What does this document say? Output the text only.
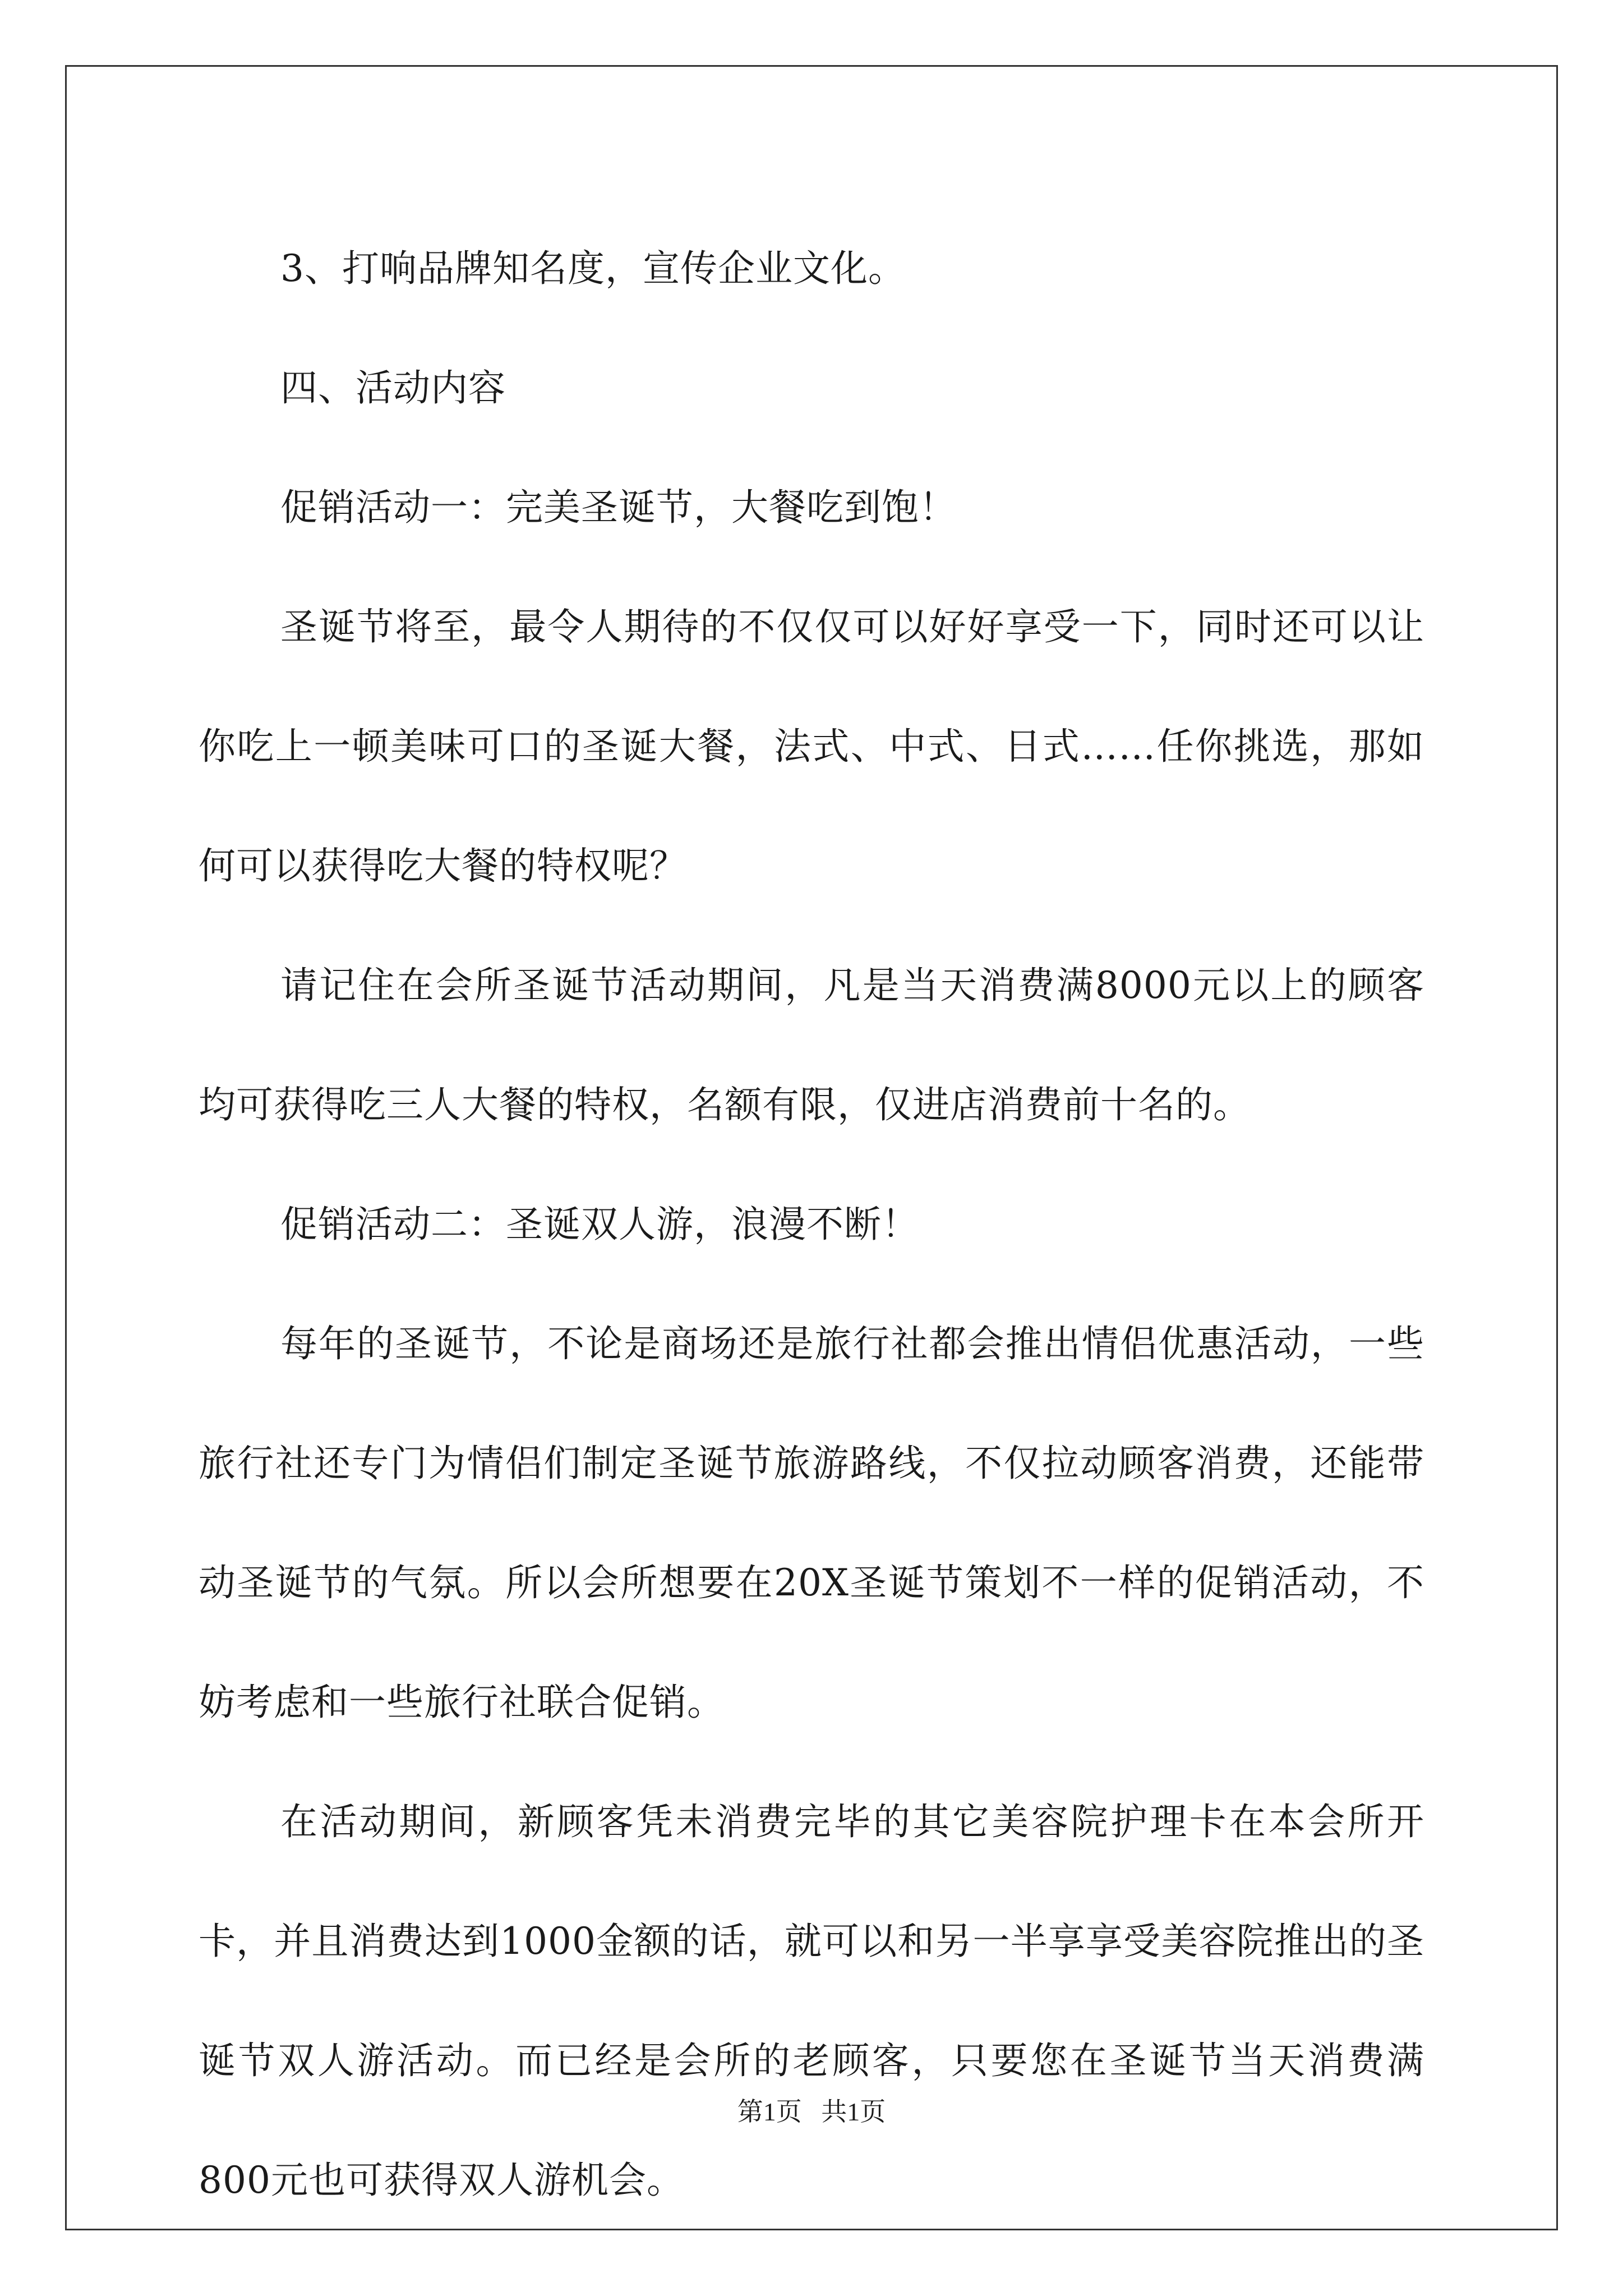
3、打响品牌知名度，宣传企业文化。

四、活动内容

促销活动一：完美圣诞节，大餐吃到饱！

圣诞节将至，最令人期待的不仅仅可以好好享受一下，同时还可以让你吃上一顿美味可口的圣诞大餐，法式、中式、日式……任你挑选，那如何可以获得吃大餐的特权呢？

请记住在会所圣诞节活动期间，凡是当天消费满8000元以上的顾客均可获得吃三人大餐的特权，名额有限，仅进店消费前十名的。

促销活动二：圣诞双人游，浪漫不断！

每年的圣诞节，不论是商场还是旅行社都会推出情侣优惠活动，一些旅行社还专门为情侣们制定圣诞节旅游路线，不仅拉动顾客消费，还能带动圣诞节的气氛。所以会所想要在20X圣诞节策划不一样的促销活动，不妨考虑和一些旅行社联合促销。

在活动期间，新顾客凭未消费完毕的其它美容院护理卡在本会所开卡，并且消费达到1000金额的话，就可以和另一半享享受美容院推出的圣诞节双人游活动。而已经是会所的老顾客，只要您在圣诞节当天消费满800元也可获得双人游机会。

第1页 共1页
